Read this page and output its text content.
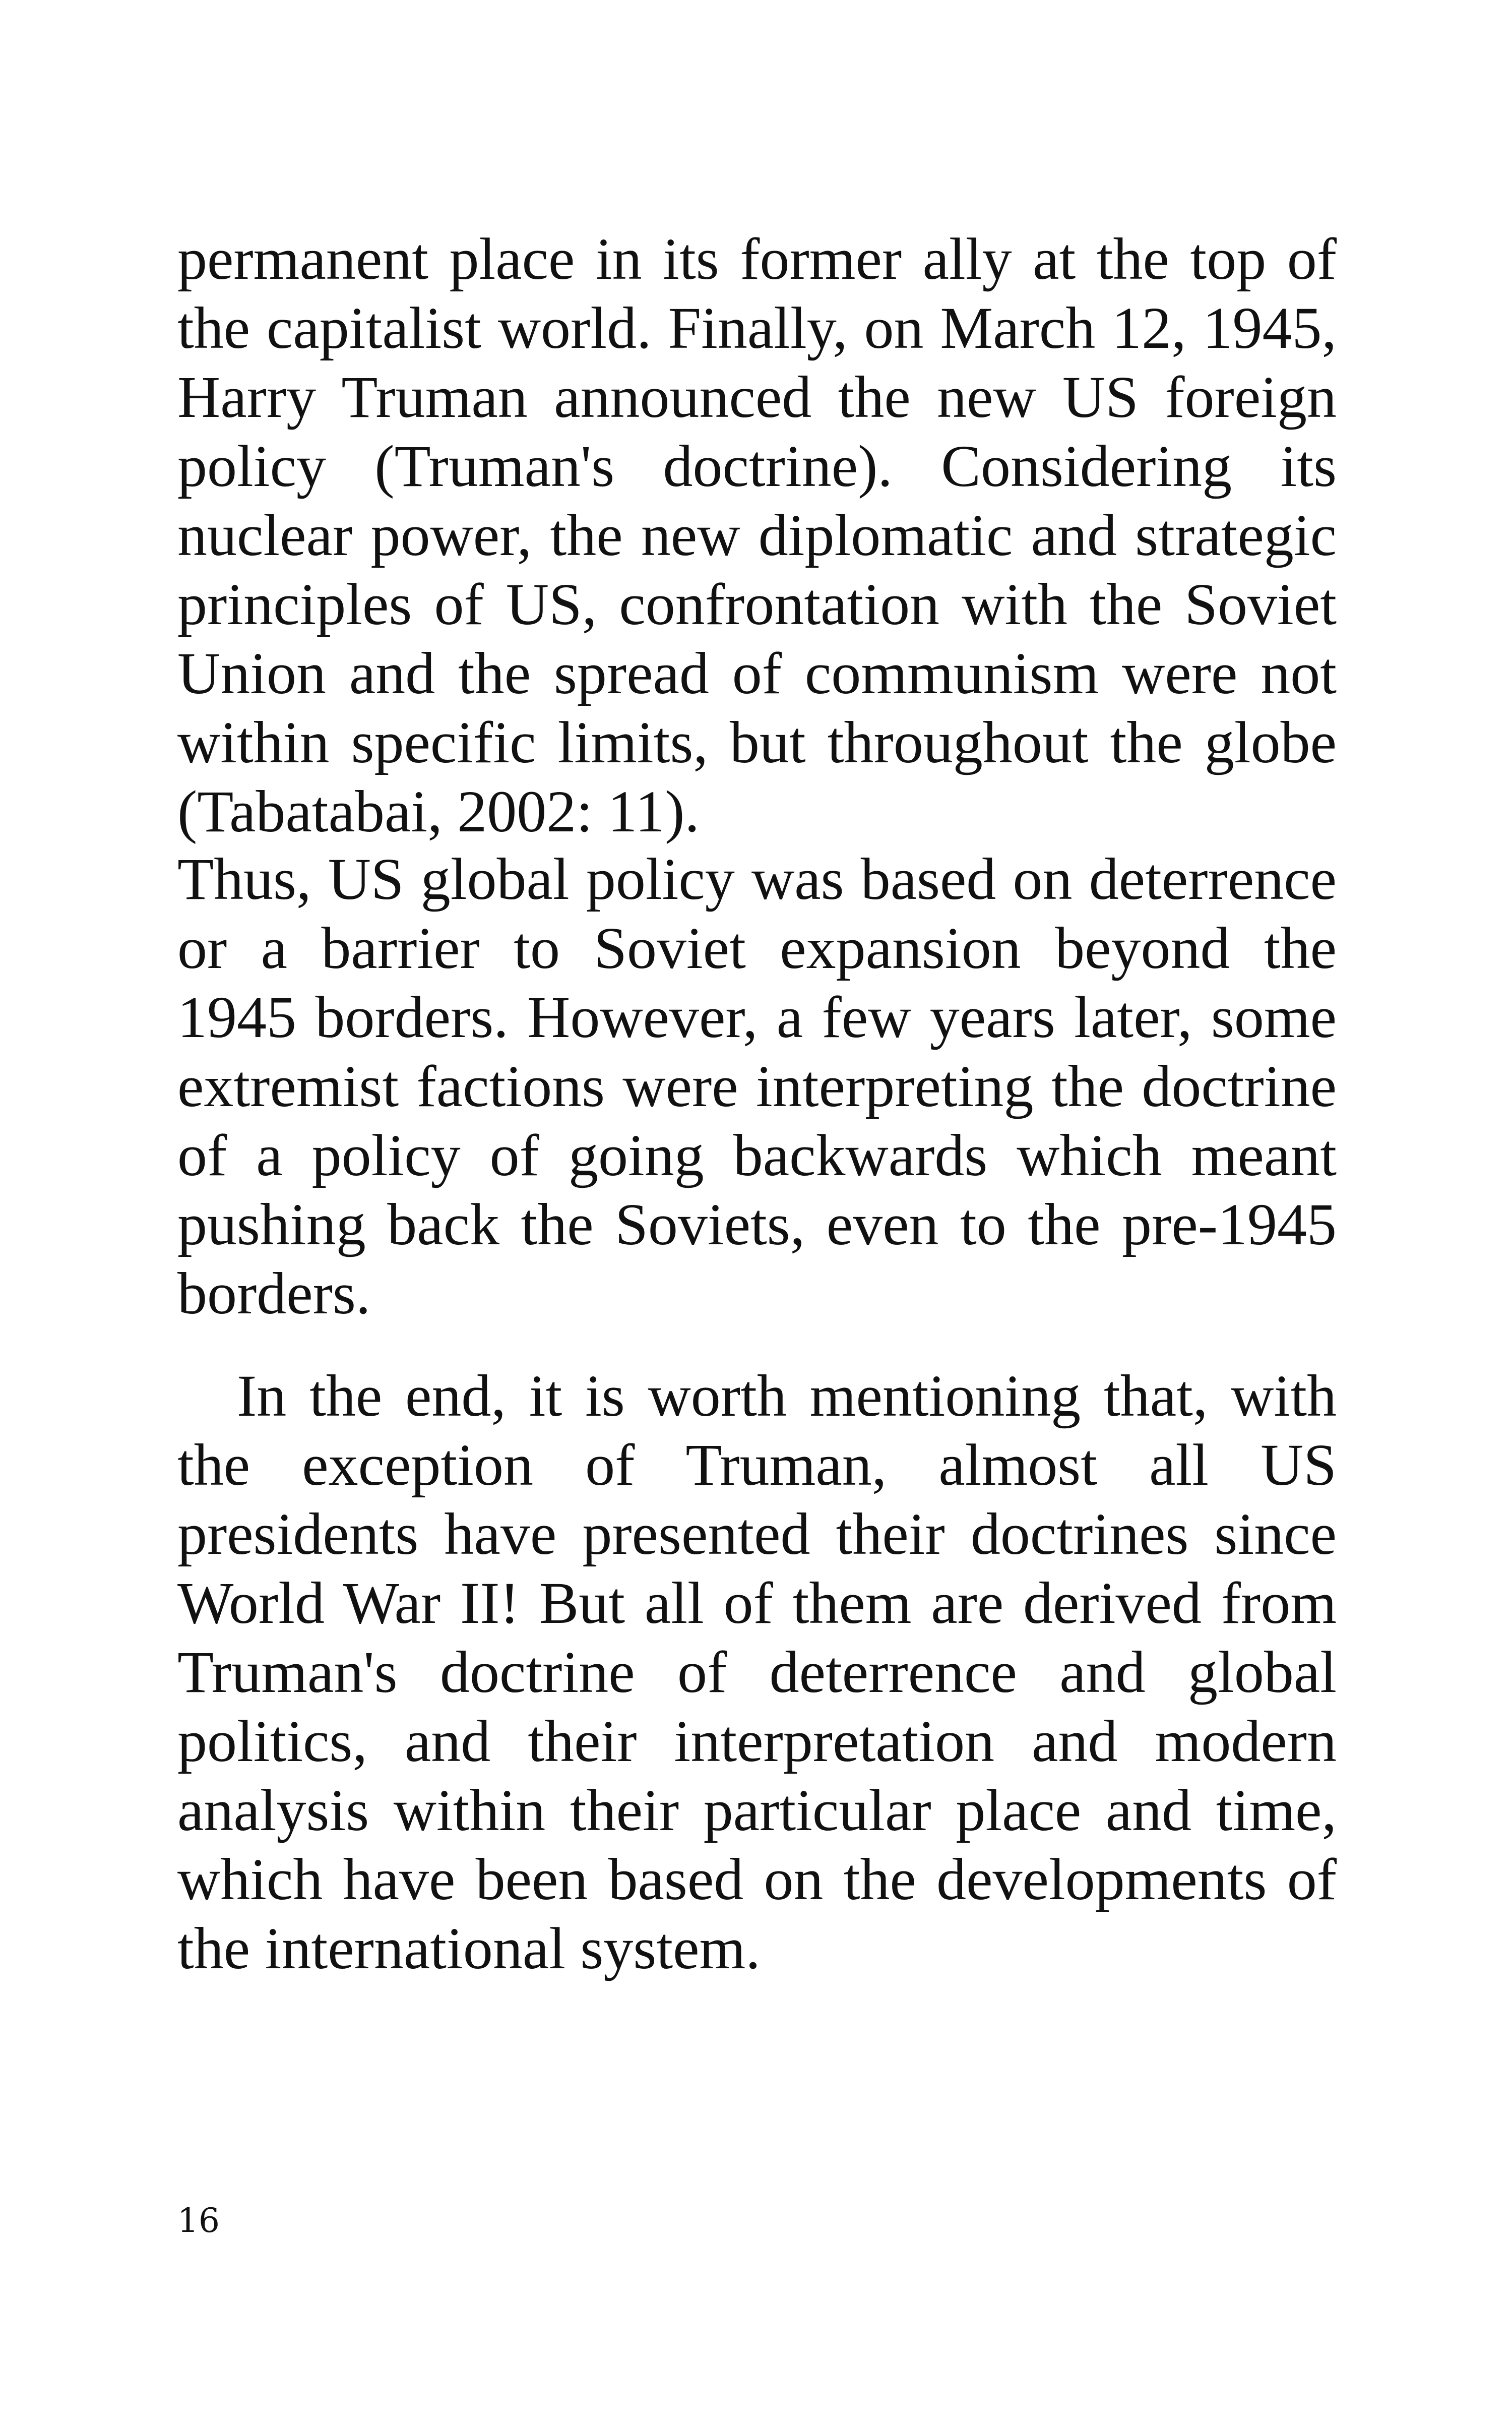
permanent place in its former ally at the top of the capitalist world. Finally, on March 12, 1945, Harry Truman announced the new US foreign policy (Truman's doctrine). Considering its nuclear power, the new diplomatic and strategic principles of US, confrontation with the Soviet Union and the spread of communism were not within specific limits, but throughout the globe (Tabatabai, 2002: 11).

Thus, US global policy was based on deterrence or a barrier to Soviet expansion beyond the 1945 borders. However, a few years later, some extremist factions were interpreting the doctrine of a policy of going backwards which meant pushing back the Soviets, even to the pre-1945 borders.

In the end, it is worth mentioning that, with the exception of Truman, almost all US presidents have presented their doctrines since World War II! But all of them are derived from Truman's doctrine of deterrence and global politics, and their interpretation and modern analysis within their particular place and time, which have been based on the developments of the international system.

16
